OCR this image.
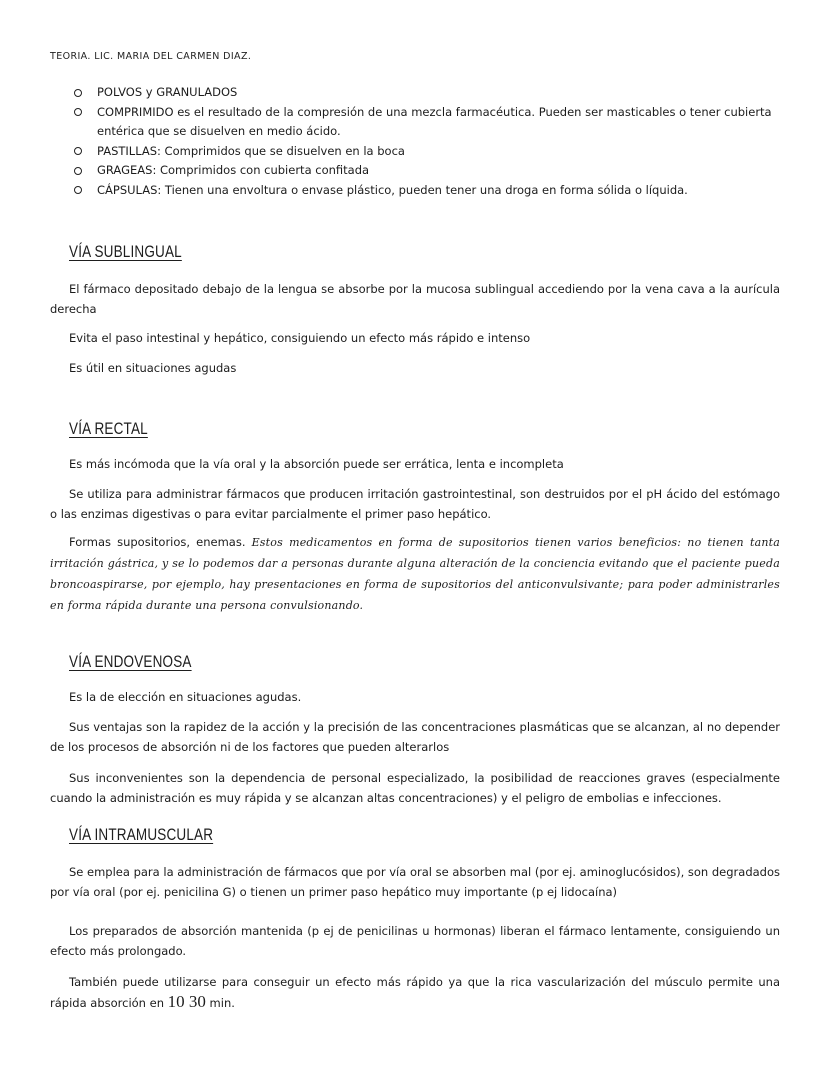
TEORIA. LIC. MARIA DEL CARMEN DIAZ.
POLVOS y GRANULADOS
COMPRIMIDO es el resultado de la compresión de una mezcla farmacéutica. Pueden ser masticables o tener cubierta entérica que se disuelven en medio ácido.
PASTILLAS: Comprimidos que se disuelven en la boca
GRAGEAS: Comprimidos con cubierta confitada
CÁPSULAS: Tienen una envoltura o envase plástico, pueden tener una droga en forma sólida o líquida.
VÍA SUBLINGUAL
El fármaco depositado debajo de la lengua se absorbe por la mucosa sublingual accediendo por la vena cava a la aurícula derecha
Evita el paso intestinal y hepático, consiguiendo un efecto más rápido e intenso
Es útil en situaciones agudas
VÍA RECTAL
Es más incómoda que la vía oral y la absorción puede ser errática, lenta e incompleta
Se utiliza para administrar fármacos que producen irritación gastrointestinal, son destruidos por el pH ácido del estómago o las enzimas digestivas o para evitar parcialmente el primer paso hepático.
Formas supositorios, enemas. Estos medicamentos en forma de supositorios tienen varios beneficios: no tienen tanta irritación gástrica, y se lo podemos dar a personas durante alguna alteración de la conciencia evitando que el paciente pueda broncoaspirarse, por ejemplo, hay presentaciones en forma de supositorios del anticonvulsivante; para poder administrarles en forma rápida durante una persona convulsionando.
VÍA ENDOVENOSA
Es la de elección en situaciones agudas.
Sus ventajas son la rapidez de la acción y la precisión de las concentraciones plasmáticas que se alcanzan, al no depender de los procesos de absorción ni de los factores que pueden alterarlos
Sus inconvenientes son la dependencia de personal especializado, la posibilidad de reacciones graves (especialmente cuando la administración es muy rápida y se alcanzan altas concentraciones) y el peligro de embolias e infecciones.
VÍA INTRAMUSCULAR
Se emplea para la administración de fármacos que por vía oral se absorben mal (por ej. aminoglucósidos), son degradados por vía oral (por ej. penicilina G) o tienen un primer paso hepático muy importante (p ej lidocaína)
Los preparados de absorción mantenida (p ej de penicilinas u hormonas) liberan el fármaco lentamente, consiguiendo un efecto más prolongado.
También puede utilizarse para conseguir un efecto más rápido ya que la rica vascularización del músculo permite una rápida absorción en 10 30 min.
